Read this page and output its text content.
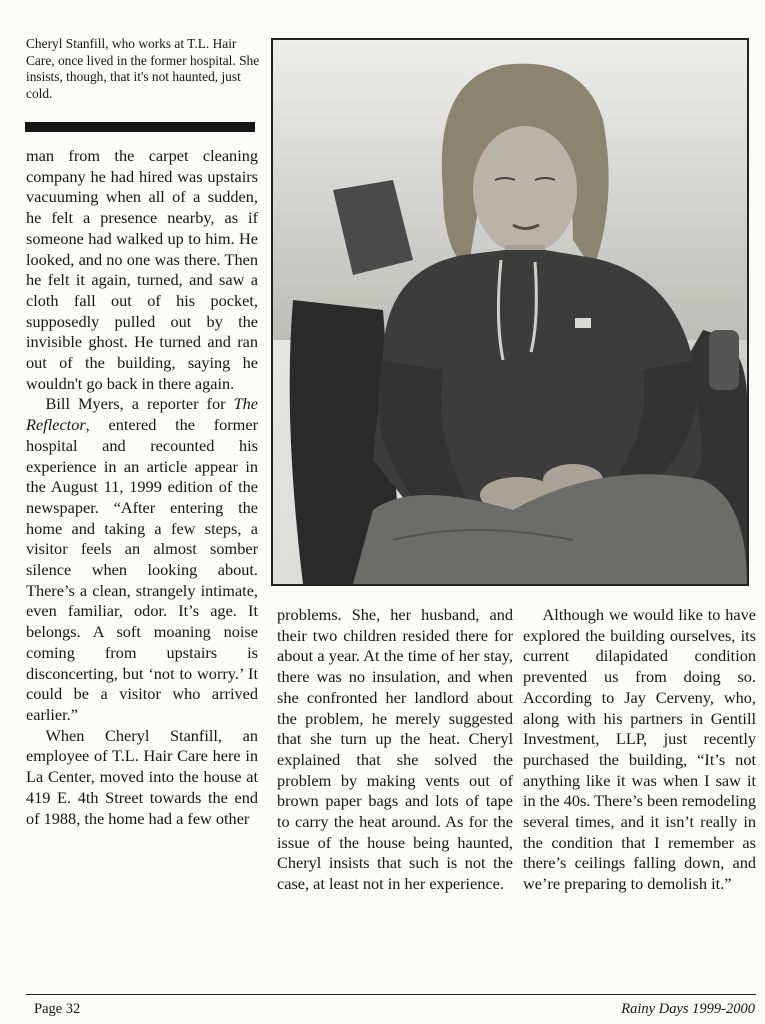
Cheryl Stanfill, who works at T.L. Hair Care, once lived in the former hospital. She insists, though, that it's not haunted, just cold.

man from the carpet cleaning company he had hired was upstairs vacuuming when all of a sudden, he felt a presence nearby, as if someone had walked up to him. He looked, and no one was there. Then he felt it again, turned, and saw a cloth fall out of his pocket, supposedly pulled out by the invisible ghost. He turned and ran out of the building, saying he wouldn't go back in there again.

Bill Myers, a reporter for The Reflector, entered the former hospital and recounted his experience in an article appear in the August 11, 1999 edition of the newspaper. “After entering the home and taking a few steps, a visitor feels an almost somber silence when looking about. There’s a clean, strangely intimate, even familiar, odor. It’s age. It belongs. A soft moaning noise coming from upstairs is disconcerting, but ‘not to worry.’ It could be a visitor who arrived earlier.”

When Cheryl Stanfill, an employee of T.L. Hair Care here in La Center, moved into the house at 419 E. 4th Street towards the end of 1988, the home had a few other

problems. She, her husband, and their two children resided there for about a year. At the time of her stay, there was no insulation, and when she confronted her landlord about the problem, he merely suggested that she turn up the heat. Cheryl explained that she solved the problem by making vents out of brown paper bags and lots of tape to carry the heat around. As for the issue of the house being haunted, Cheryl insists that such is not the case, at least not in her experience.

Although we would like to have explored the building ourselves, its current dilapidated condition prevented us from doing so. According to Jay Cerveny, who, along with his partners in Gentill Investment, LLP, just recently purchased the building, “It’s not anything like it was when I saw it in the 40s. There’s been remodeling several times, and it isn’t really in the condition that I remember as there’s ceilings falling down, and we’re preparing to demolish it.”

Page 32	Rainy Days 1999-2000
